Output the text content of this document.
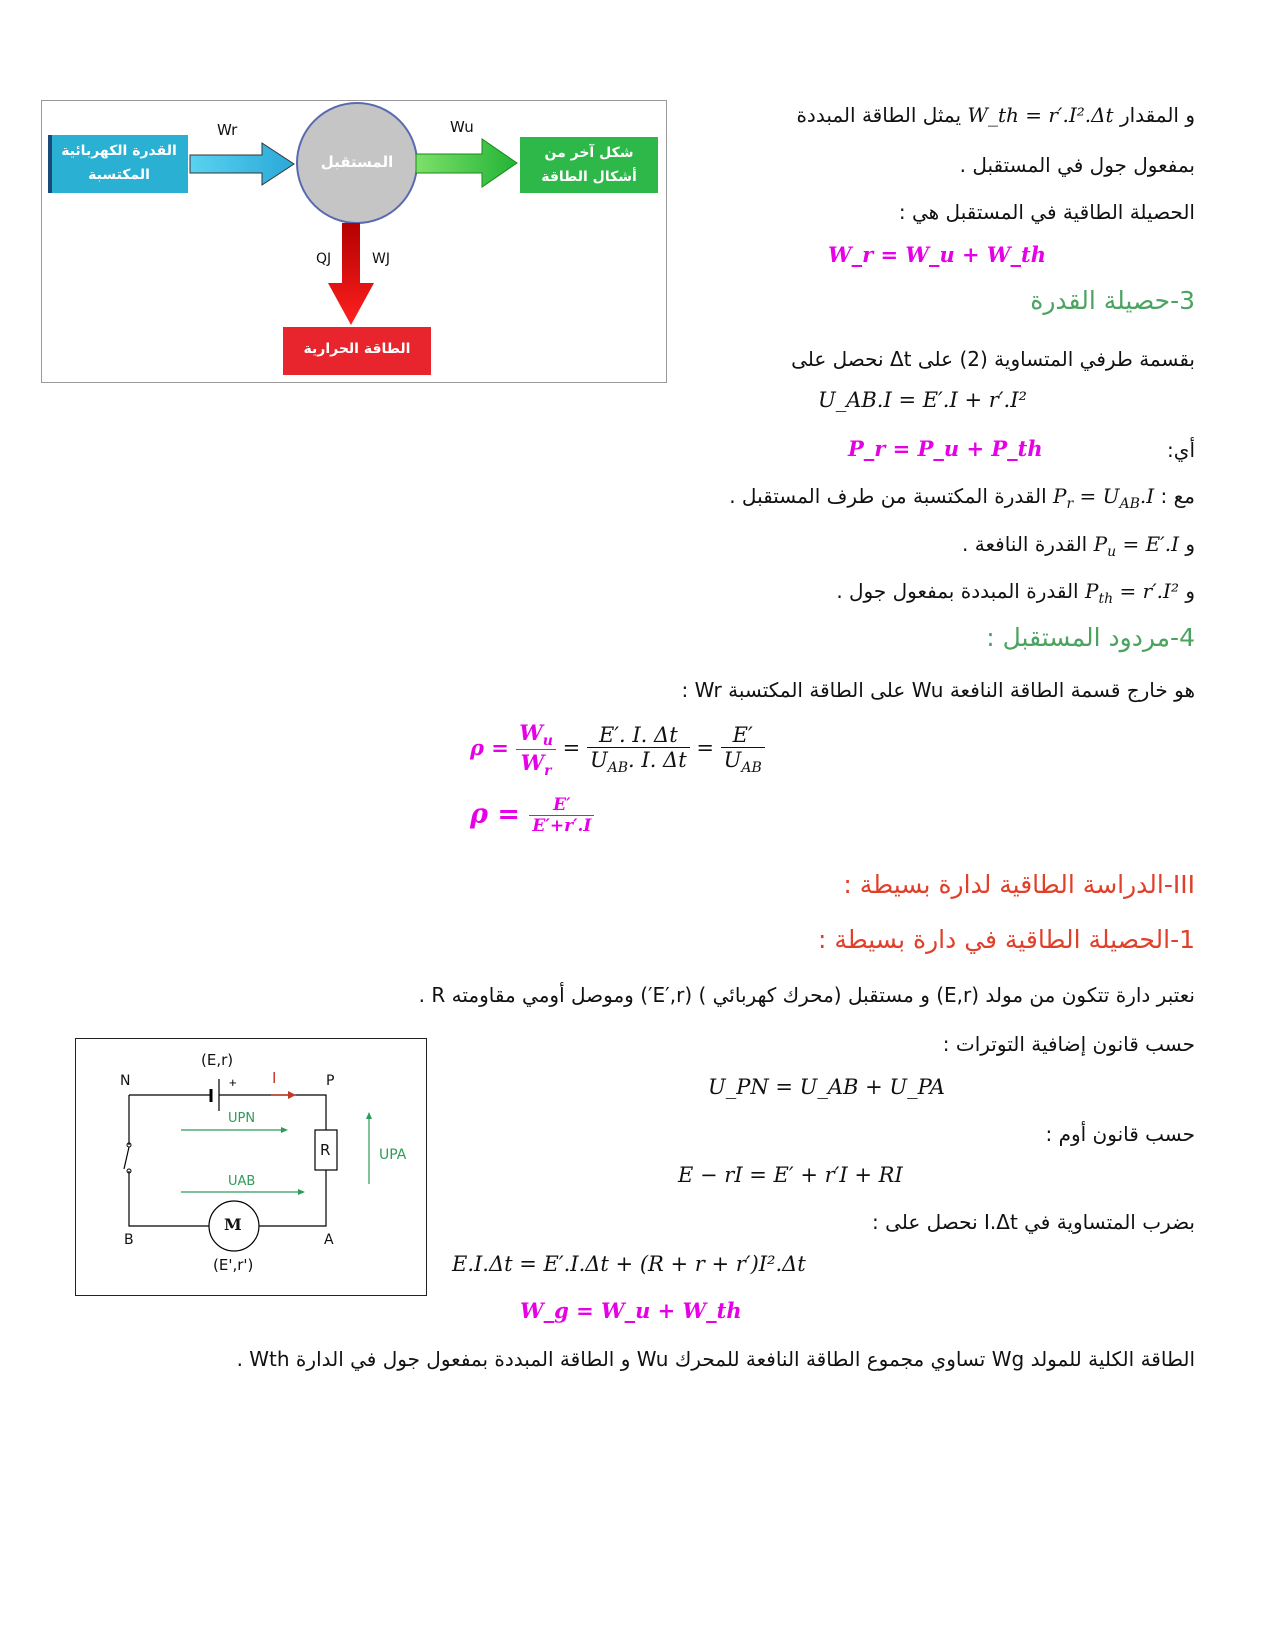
القدرة الكهربائية المكتسبة
المستقبل	شكل آخر من أشكال الطاقة
الطاقة الحرارية
Wr	Wu
QJ	WJ
و المقدار W_th = r′.I².Δt يمثل الطاقة المبددة
بمفعول جول في المستقبل .
الحصيلة الطاقية في المستقبل هي :
W_r = W_u + W_th
3-حصيلة القدرة
بقسمة طرفي المتساوية (2) على Δt نحصل على
U_AB.I = E′.I + r′.I²
أي:
P_r = P_u + P_th
مع : $P_r = U_{AB}.I$ القدرة المكتسبة من طرف المستقبل .
و $P_u = E'.I$ القدرة النافعة .
و $P_{th} = r'.I^2$ القدرة المبددة بمفعول جول .
4-مردود المستقبل :
هو خارج قسمة الطاقة النافعة Wu على الطاقة المكتسبة Wr :
$\rho = \frac{W_u}{W_r} = \frac{E'. I. \Delta t}{U_{AB}. I. \Delta t} = \frac{E'}{U_{AB}}$
$\rho = \frac{E'}{E'+r'.I}$
III-الدراسة الطاقية لدارة بسيطة :
1-الحصيلة الطاقية في دارة بسيطة :
نعتبر دارة تتكون من مولد (E,r) و مستقبل (محرك كهربائي ) (E′,r′) وموصل أومي مقاومته R .
+
(E,r)
N	P
B	A
I
UPN
UAB
UPA
R
M
(E',r')
حسب قانون إضافية التوترات :
U_PN = U_AB + U_PA
حسب قانون أوم :
E − rI = E′ + r′I + RI
بضرب المتساوية في I.Δt نحصل على :
E.I.Δt = E′.I.Δt + (R + r + r′)I².Δt
W_g = W_u + W_th
الطاقة الكلية للمولد Wg تساوي مجموع الطاقة النافعة للمحرك Wu و الطاقة المبددة بمفعول جول في الدارة Wth .
